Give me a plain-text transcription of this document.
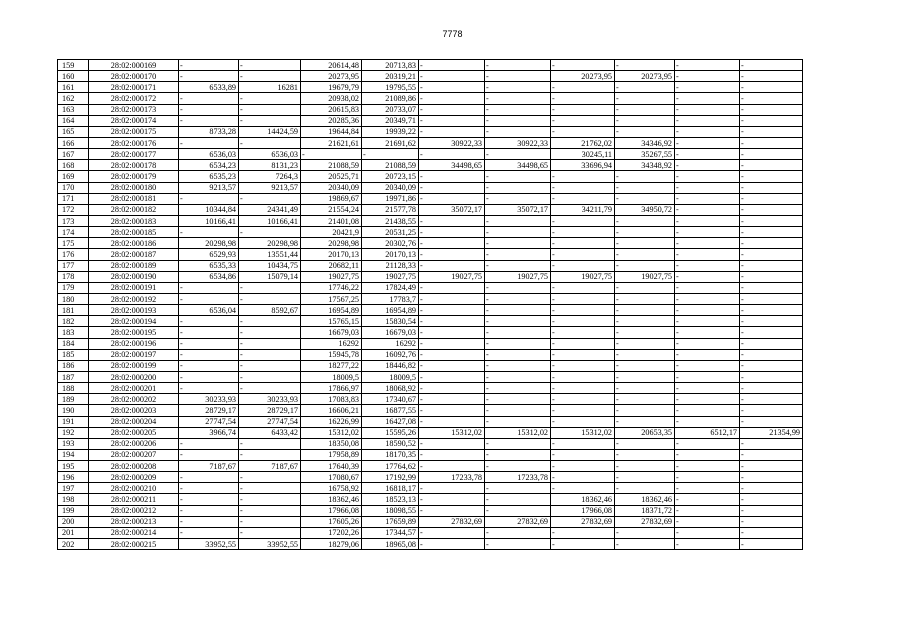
7778
159	28:02:000169	-	-	20614,48	20713,83	-	-	-	-	-	-
160	28:02:000170	-	-	20273,95	20319,21	-	-	20273,95	20273,95	-	-
161	28:02:000171	6533,89	16281	19679,79	19795,55	-	-	-	-	-	-
162	28:02:000172	-	-	20938,02	21089,86	-	-	-	-	-	-
163	28:02:000173	-	-	20615,83	20733,07	-	-	-	-	-	-
164	28:02:000174	-	-	20285,36	20349,71	-	-	-	-	-	-
165	28:02:000175	8733,28	14424,59	19644,84	19939,22	-	-	-	-	-	-
166	28:02:000176	-	-	21621,61	21691,62	30922,33	30922,33	21762,02	34346,92	-	-
167	28:02:000177	6536,03	6536,03	-	-	-	-	30245,11	35267,55	-	-
168	28:02:000178	6534,23	8131,23	21088,59	21088,59	34498,65	34498,65	33696,94	34348,92	-	-
169	28:02:000179	6535,23	7264,3	20525,71	20723,15	-	-	-	-	-	-
170	28:02:000180	9213,57	9213,57	20340,09	20340,09	-	-	-	-	-	-
171	28:02:000181	-	-	19869,67	19971,86	-	-	-	-	-	-
172	28:02:000182	10344,84	24341,49	21554,24	21577,78	35072,17	35072,17	34211,79	34950,72	-	-
173	28:02:000183	10166,41	10166,41	21401,08	21438,55	-	-	-	-	-	-
174	28:02:000185	-	-	20421,9	20531,25	-	-	-	-	-	-
175	28:02:000186	20298,98	20298,98	20298,98	20302,76	-	-	-	-	-	-
176	28:02:000187	6529,93	13551,44	20170,13	20170,13	-	-	-	-	-	-
177	28:02:000189	6535,33	10434,75	20682,11	21128,33	-	-	-	-	-	-
178	28:02:000190	6534,86	15079,14	19027,75	19027,75	19027,75	19027,75	19027,75	19027,75	-	-
179	28:02:000191	-	-	17746,22	17824,49	-	-	-	-	-	-
180	28:02:000192	-	-	17567,25	17783,7	-	-	-	-	-	-
181	28:02:000193	6536,04	8592,67	16954,89	16954,89	-	-	-	-	-	-
182	28:02:000194	-	-	15765,15	15830,54	-	-	-	-	-	-
183	28:02:000195	-	-	16679,03	16679,03	-	-	-	-	-	-
184	28:02:000196	-	-	16292	16292	-	-	-	-	-	-
185	28:02:000197	-	-	15945,78	16092,76	-	-	-	-	-	-
186	28:02:000199	-	-	18277,22	18446,82	-	-	-	-	-	-
187	28:02:000200	-	-	18009,5	18009,5	-	-	-	-	-	-
188	28:02:000201	-	-	17866,97	18068,92	-	-	-	-	-	-
189	28:02:000202	30233,93	30233,93	17083,83	17340,67	-	-	-	-	-	-
190	28:02:000203	28729,17	28729,17	16606,21	16877,55	-	-	-	-	-	-
191	28:02:000204	27747,54	27747,54	16226,99	16427,08	-	-	-	-	-	-
192	28:02:000205	3966,74	6433,42	15312,02	15595,26	15312,02	15312,02	15312,02	20653,35	6512,17	21354,99
193	28:02:000206	-	-	18350,08	18590,52	-	-	-	-	-	-
194	28:02:000207	-	-	17958,89	18170,35	-	-	-	-	-	-
195	28:02:000208	7187,67	7187,67	17640,39	17764,62	-	-	-	-	-	-
196	28:02:000209	-	-	17080,67	17192,99	17233,78	17233,78	-	-	-	-
197	28:02:000210	-	-	16758,92	16818,17	-	-	-	-	-	-
198	28:02:000211	-	-	18362,46	18523,13	-	-	18362,46	18362,46	-	-
199	28:02:000212	-	-	17966,08	18098,55	-	-	17966,08	18371,72	-	-
200	28:02:000213	-	-	17605,26	17659,89	27832,69	27832,69	27832,69	27832,69	-	-
201	28:02:000214	-	-	17202,26	17344,57	-	-	-	-	-	-
202	28:02:000215	33952,55	33952,55	18279,06	18965,08	-	-	-	-	-	-
